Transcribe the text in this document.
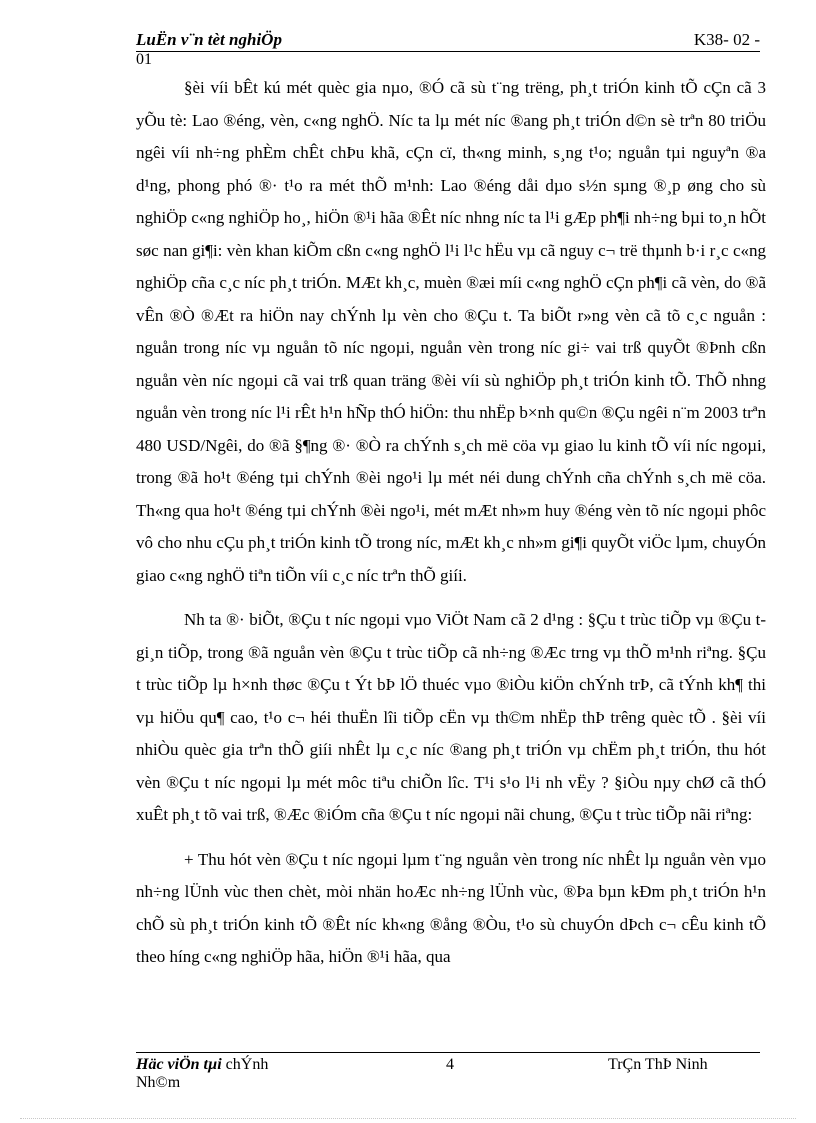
LuËn v¨n tèt nghiÖp	K38- 02 -
01

§èi víi bÊt kú mét quèc gia nµo, ®Ó cã sù t¨ng trëng, ph¸t triÓn kinh tÕ cÇn cã 3 yÕu tè: Lao ®éng, vèn, c«ng nghÖ. Níc ta lµ mét níc ®ang ph¸t triÓn d©n sè trªn 80 triÖu ngêi víi nh÷ng phÈm chÊt chÞu khã, cÇn cï, th«ng minh, s¸ng t¹o; nguån tµi nguyªn ®a d¹ng, phong phó ®· t¹o ra mét thÕ m¹nh: Lao ®éng dåi dµo s½n sµng ®¸p øng cho sù nghiÖp c«ng nghiÖp ho¸, hiÖn ®¹i hãa ®Êt níc nhng níc ta l¹i gÆp ph¶i nh÷ng bµi to¸n hÕt søc nan gi¶i: vèn khan kiÕm cßn c«ng nghÖ l¹i l¹c hËu vµ cã nguy c¬ trë thµnh b·i r¸c c«ng nghiÖp cña c¸c níc ph¸t triÓn. MÆt kh¸c, muèn ®æi míi c«ng nghÖ cÇn ph¶i cã vèn, do ®ã vÊn ®Ò ®Æt ra hiÖn nay chÝnh lµ vèn cho ®Çu t. Ta biÕt r»ng vèn cã tõ c¸c nguån : nguån trong níc vµ nguån tõ níc ngoµi, nguån vèn trong níc gi÷ vai trß quyÕt ®Þnh cßn nguån vèn níc ngoµi cã vai trß quan träng ®èi víi sù nghiÖp ph¸t triÓn kinh tÕ. ThÕ nhng nguån vèn trong níc l¹i rÊt h¹n hÑp thÓ hiÖn: thu nhËp b×nh qu©n ®Çu ngêi n¨m 2003 trªn 480 USD/Ngêi, do ®ã §¶ng ®· ®Ò ra chÝnh s¸ch më cöa vµ giao lu kinh tÕ víi níc ngoµi, trong ®ã ho¹t ®éng tµi chÝnh ®èi ngo¹i lµ mét néi dung chÝnh cña chÝnh s¸ch më cöa. Th«ng qua ho¹t ®éng tµi chÝnh ®èi ngo¹i, mét mÆt nh»m huy ®éng vèn tõ níc ngoµi phôc vô cho nhu cÇu ph¸t triÓn kinh tÕ trong níc, mÆt kh¸c nh»m gi¶i quyÕt viÖc lµm, chuyÓn giao c«ng nghÖ tiªn tiÕn víi c¸c níc trªn thÕ giíi.

Nh ta ®· biÕt, ®Çu t níc ngoµi vµo ViÖt Nam cã 2 d¹ng : §Çu t trùc tiÕp vµ ®Çu t gi¸n tiÕp, trong ®ã nguån vèn ®Çu t trùc tiÕp cã nh÷ng ®Æc trng vµ thÕ m¹nh riªng. §Çu t trùc tiÕp lµ h×nh thøc ®Çu t Ýt bÞ lÖ thuéc vµo ®iÒu kiÖn chÝnh trÞ, cã tÝnh kh¶ thi vµ hiÖu qu¶ cao, t¹o c¬ héi thuËn lîi tiÕp cËn vµ th©m nhËp thÞ trêng quèc tÕ . §èi víi nhiÒu quèc gia trªn thÕ giíi nhÊt lµ c¸c níc ®ang ph¸t triÓn vµ chËm ph¸t triÓn, thu hót vèn ®Çu t níc ngoµi lµ mét môc tiªu chiÕn lîc. T¹i s¹o l¹i nh vËy ? §iÒu nµy chØ cã thÓ xuÊt ph¸t tõ vai trß, ®Æc ®iÓm cña ®Çu t níc ngoµi nãi chung, ®Çu t trùc tiÕp nãi riªng:

+ Thu hót vèn ®Çu t níc ngoµi lµm t¨ng nguån vèn trong níc nhÊt lµ nguån vèn vµo nh÷ng lÜnh vùc then chèt, mòi nhän hoÆc nh÷ng lÜnh vùc, ®Þa bµn kÐm ph¸t triÓn h¹n chÕ sù ph¸t triÓn kinh tÕ ®Êt níc kh«ng ®ång ®Òu, t¹o sù chuyÓn dÞch c¬ cÊu kinh tÕ theo híng c«ng nghiÖp hãa, hiÖn ®¹i hãa, qua

Häc viÖn tµi chÝnh	4	TrÇn ThÞ Ninh
Nh©m
